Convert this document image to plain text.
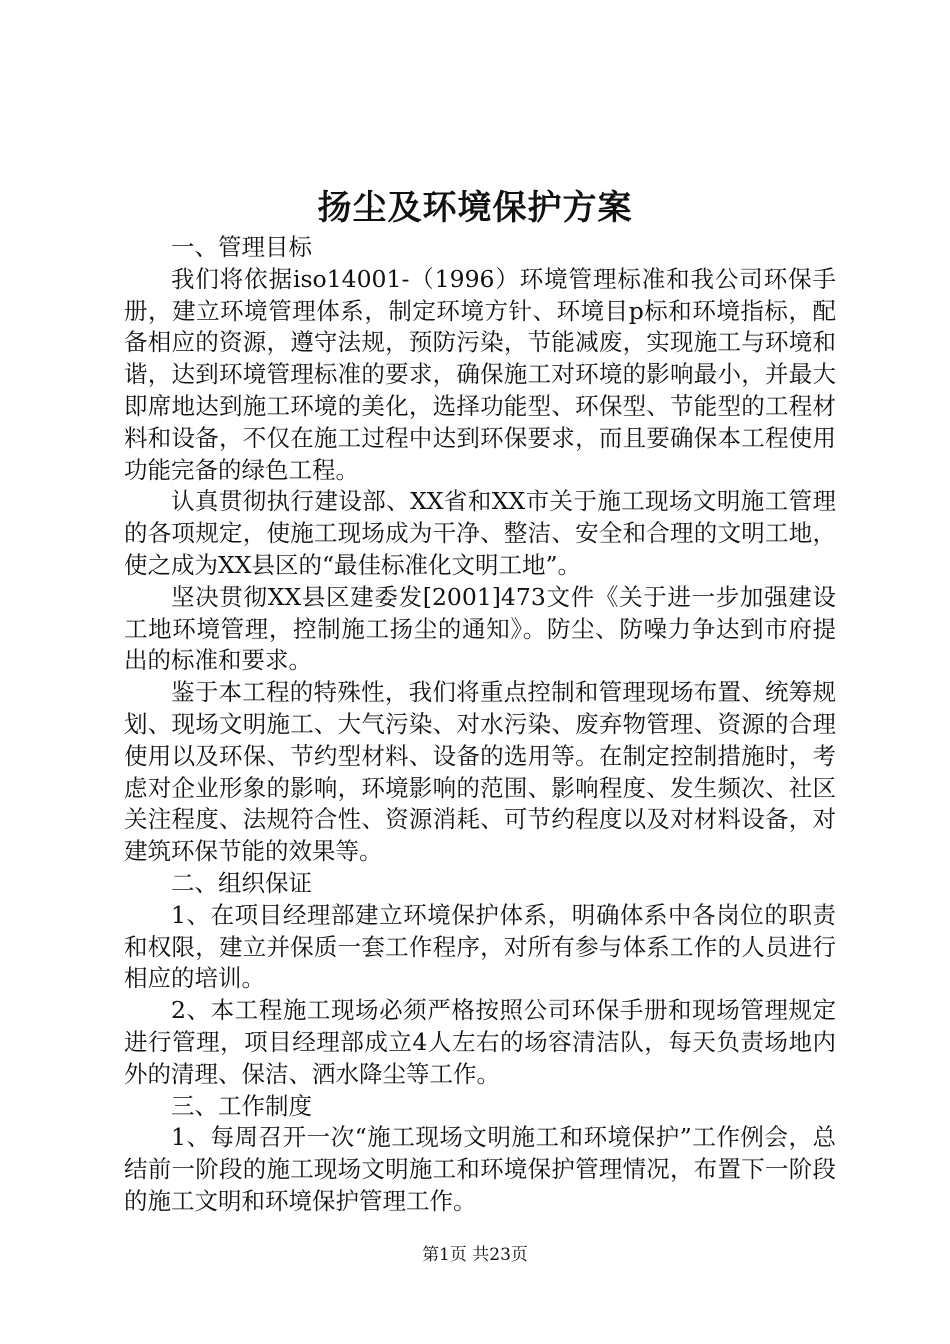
扬尘及环境保护方案

一、管理目标

我们将依据iso14001-（1996）环境管理标准和我公司环保手册，建立环境管理体系，制定环境方针、环境目p标和环境指标，配备相应的资源，遵守法规，预防污染，节能减废，实现施工与环境和谐，达到环境管理标准的要求，确保施工对环境的影响最小，并最大即席地达到施工环境的美化，选择功能型、环保型、节能型的工程材料和设备，不仅在施工过程中达到环保要求，而且要确保本工程使用功能完备的绿色工程。

认真贯彻执行建设部、XX省和XX市关于施工现场文明施工管理的各项规定，使施工现场成为干净、整洁、安全和合理的文明工地，使之成为XX县区的“最佳标准化文明工地”。

坚决贯彻XX县区建委发[2001]473文件《关于进一步加强建设工地环境管理，控制施工扬尘的通知》。防尘、防噪力争达到市府提出的标准和要求。

鉴于本工程的特殊性，我们将重点控制和管理现场布置、统筹规划、现场文明施工、大气污染、对水污染、废弃物管理、资源的合理使用以及环保、节约型材料、设备的选用等。在制定控制措施时，考虑对企业形象的影响，环境影响的范围、影响程度、发生频次、社区关注程度、法规符合性、资源消耗、可节约程度以及对材料设备，对建筑环保节能的效果等。

二、组织保证

1、在项目经理部建立环境保护体系，明确体系中各岗位的职责和权限，建立并保质一套工作程序，对所有参与体系工作的人员进行相应的培训。

2、本工程施工现场必须严格按照公司环保手册和现场管理规定进行管理，项目经理部成立4人左右的场容清洁队，每天负责场地内外的清理、保洁、洒水降尘等工作。

三、工作制度

1、每周召开一次“施工现场文明施工和环境保护”工作例会，总结前一阶段的施工现场文明施工和环境保护管理情况，布置下一阶段的施工文明和环境保护管理工作。

第1页 共23页
